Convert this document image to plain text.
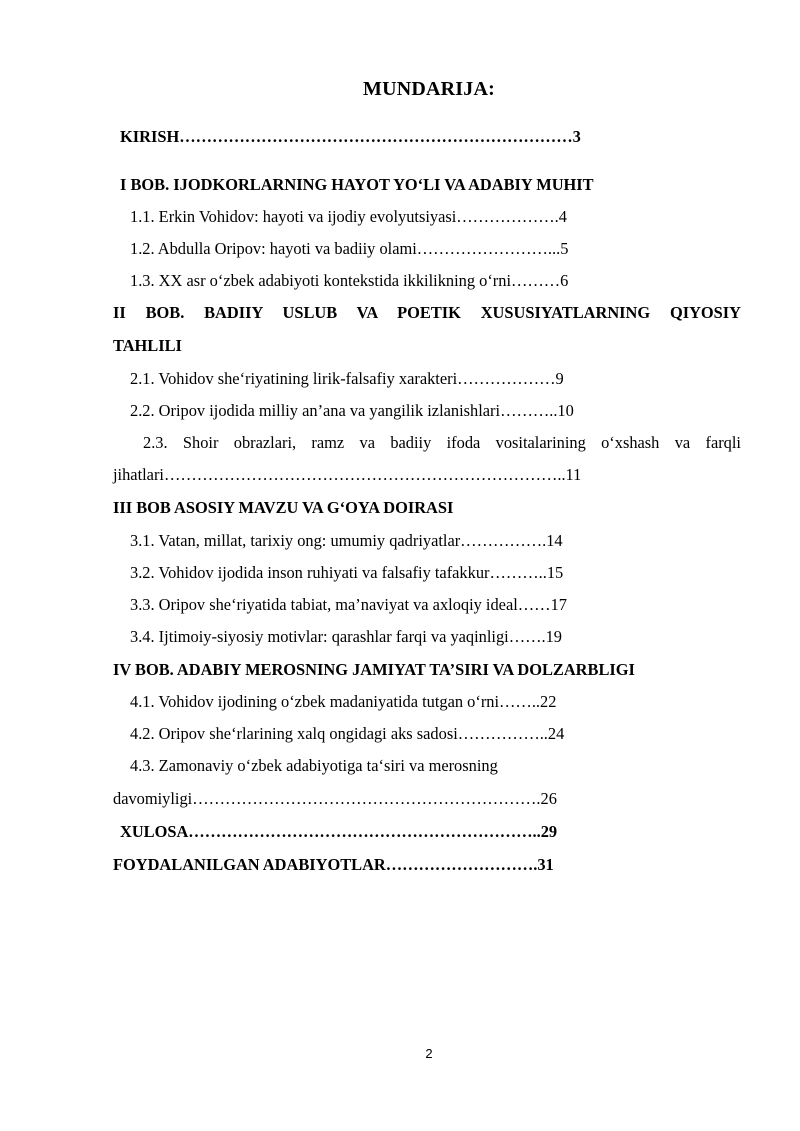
MUNDARIJA:
KIRISH………………………………………………………………3
I BOB. IJODKORLARNING HAYOT YO‘LI VA ADABIY MUHIT
1.1. Erkin Vohidov: hayoti va ijodiy evolyutsiyasi……………….4
1.2. Abdulla Oripov: hayoti va badiiy olami……………………...5
1.3. XX asr o‘zbek adabiyoti kontekstida ikkilikning o‘rni………6
II BOB. BADIIY USLUB VA POETIK XUSUSIYATLARNING QIYOSIY
TAHLILI
2.1. Vohidov she‘riyatining lirik-falsafiy xarakteri………………9
2.2. Oripov ijodida milliy an’ana va yangilik izlanishlari………..10
2.3. Shoir obrazlari, ramz va badiiy ifoda vositalarining o‘xshash va farqli
jihatlari………………………………………………………………..11
III BOB ASOSIY MAVZU VA G‘OYA DOIRASI
3.1. Vatan, millat, tarixiy ong: umumiy qadriyatlar…………….14
3.2. Vohidov ijodida inson ruhiyati va falsafiy tafakkur………..15
3.3. Oripov she‘riyatida tabiat, ma’naviyat va axloqiy ideal……17
3.4. Ijtimoiy-siyosiy motivlar: qarashlar farqi va yaqinligi…….19
IV BOB. ADABIY MEROSNING JAMIYAT TA’SIRI VA DOLZARBLIGI
4.1. Vohidov ijodining o‘zbek madaniyatida tutgan o‘rni……..22
4.2. Oripov she‘rlarining xalq ongidagi aks sadosi……………..24
4.3. Zamonaviy o‘zbek adabiyotiga ta‘siri va merosning
davomiyligi……………………………………………………….26
XULOSA………………………………………………………..29
FOYDALANILGAN ADABIYOTLAR……………………….31
2
